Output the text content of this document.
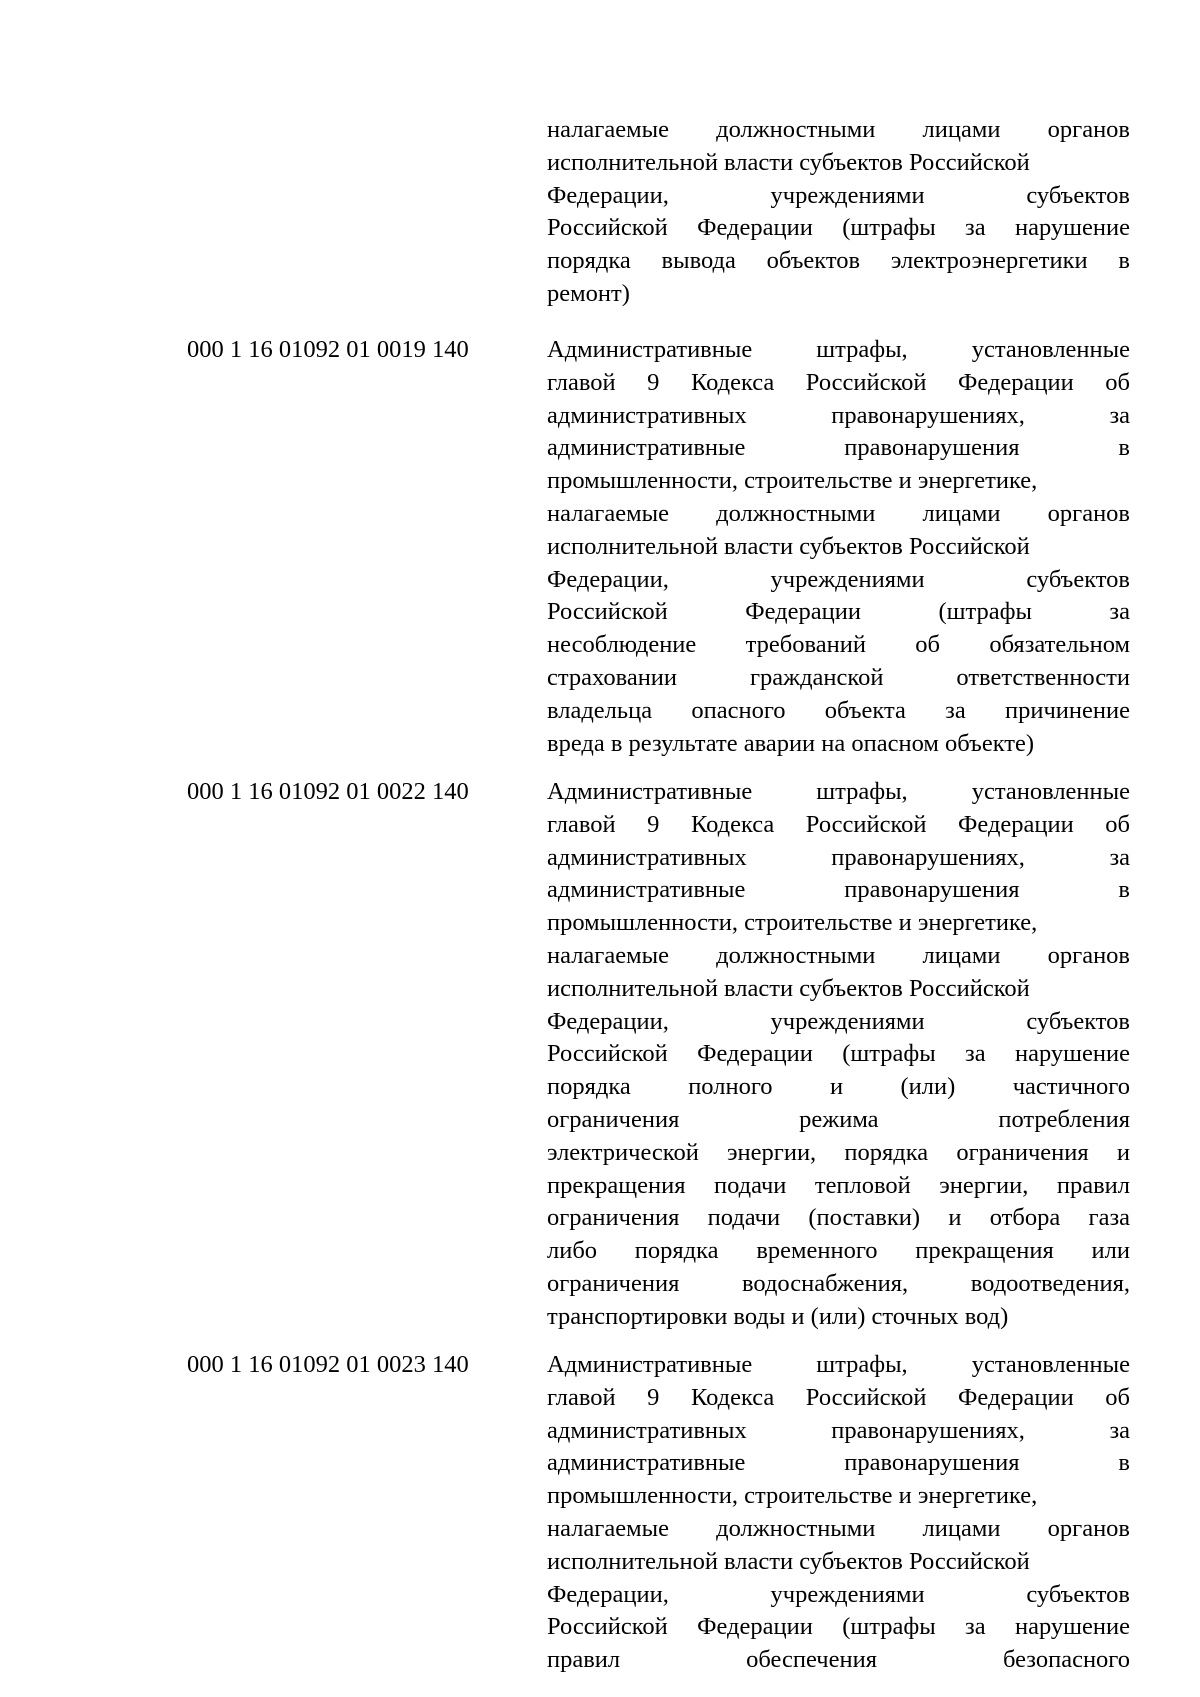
налагаемые должностными лицами органов
исполнительной власти субъектов Российской
Федерации, учреждениями субъектов
Российской Федерации (штрафы за нарушение
порядка вывода объектов электроэнергетики в
ремонт)
000 1 16 01092 01 0019 140	Административные штрафы, установленные
главой 9 Кодекса Российской Федерации об
административных правонарушениях, за
административные правонарушения в
промышленности, строительстве и энергетике,
налагаемые должностными лицами органов
исполнительной власти субъектов Российской
Федерации, учреждениями субъектов
Российской Федерации (штрафы за
несоблюдение требований об обязательном
страховании гражданской ответственности
владельца опасного объекта за причинение
вреда в результате аварии на опасном объекте)
000 1 16 01092 01 0022 140	Административные штрафы, установленные
главой 9 Кодекса Российской Федерации об
административных правонарушениях, за
административные правонарушения в
промышленности, строительстве и энергетике,
налагаемые должностными лицами органов
исполнительной власти субъектов Российской
Федерации, учреждениями субъектов
Российской Федерации (штрафы за нарушение
порядка полного и (или) частичного
ограничения режима потребления
электрической энергии, порядка ограничения и
прекращения подачи тепловой энергии, правил
ограничения подачи (поставки) и отбора газа
либо порядка временного прекращения или
ограничения водоснабжения, водоотведения,
транспортировки воды и (или) сточных вод)
000 1 16 01092 01 0023 140	Административные штрафы, установленные
главой 9 Кодекса Российской Федерации об
административных правонарушениях, за
административные правонарушения в
промышленности, строительстве и энергетике,
налагаемые должностными лицами органов
исполнительной власти субъектов Российской
Федерации, учреждениями субъектов
Российской Федерации (штрафы за нарушение
правил обеспечения безопасного
